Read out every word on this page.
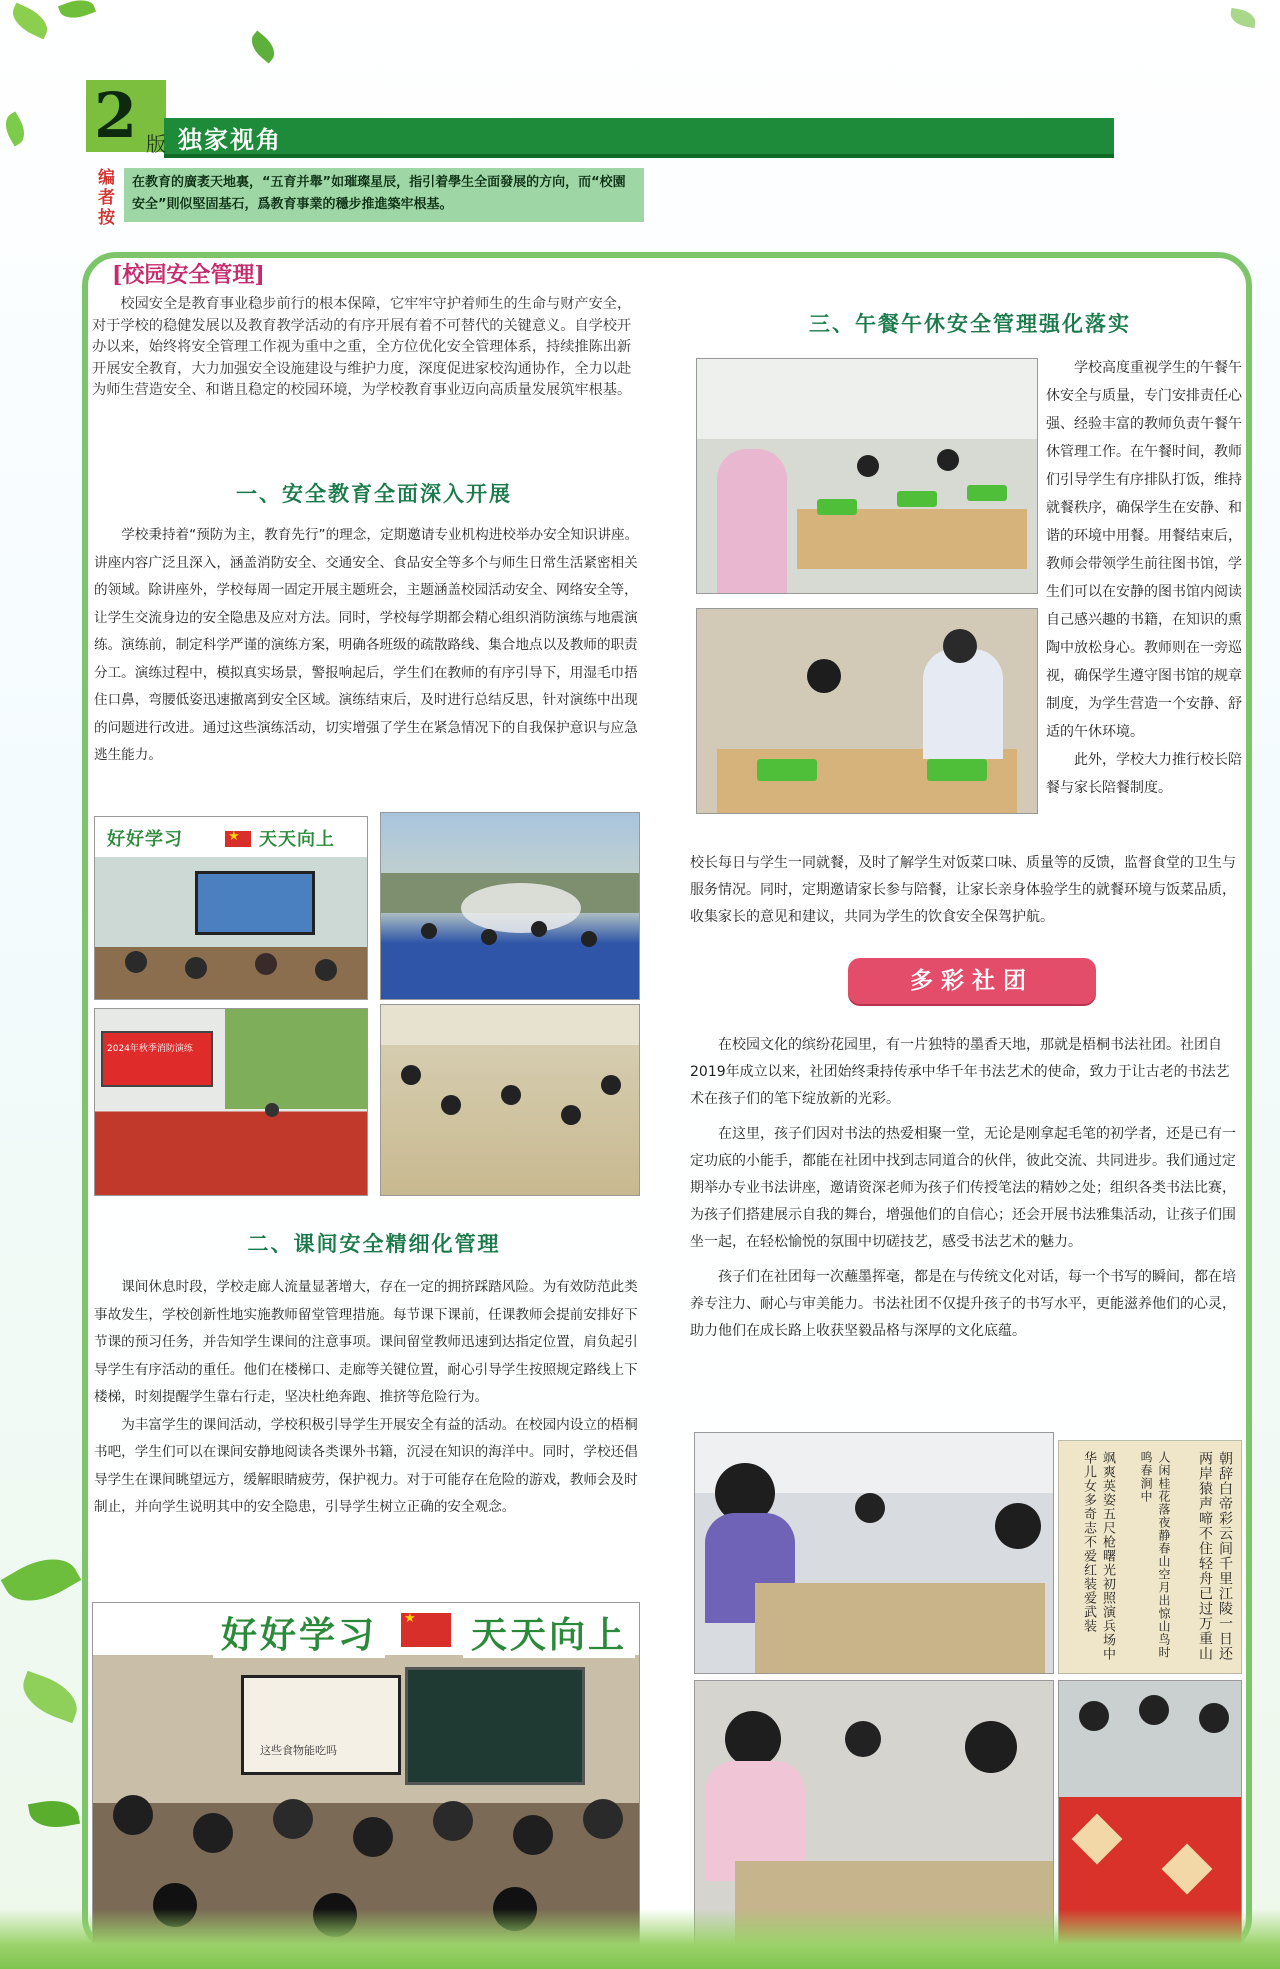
2 版 独家视角
编者按
在教育的廣袤天地裏，“五育并舉”如璀璨星辰，指引着學生全面發展的方向，而“校園安全”則似堅固基石，爲教育事業的穩步推進築牢根基。
[校园安全管理]
校园安全是教育事业稳步前行的根本保障，它牢牢守护着师生的生命与财产安全，对于学校的稳健发展以及教育教学活动的有序开展有着不可替代的关键意义。自学校开办以来，始终将安全管理工作视为重中之重，全方位优化安全管理体系，持续推陈出新开展安全教育，大力加强安全设施建设与维护力度，深度促进家校沟通协作，全力以赴为师生营造安全、和谐且稳定的校园环境，为学校教育事业迈向高质量发展筑牢根基。
一、安全教育全面深入开展

学校秉持着“预防为主，教育先行”的理念，定期邀请专业机构进校举办安全知识讲座。讲座内容广泛且深入，涵盖消防安全、交通安全、食品安全等多个与师生日常生活紧密相关的领域。除讲座外，学校每周一固定开展主题班会，主题涵盖校园活动安全、网络安全等，让学生交流身边的安全隐患及应对方法。同时，学校每学期都会精心组织消防演练与地震演练。演练前，制定科学严谨的演练方案，明确各班级的疏散路线、集合地点以及教师的职责分工。演练过程中，模拟真实场景，警报响起后，学生们在教师的有序引导下，用湿毛巾捂住口鼻，弯腰低姿迅速撤离到安全区域。演练结束后，及时进行总结反思，针对演练中出现的问题进行改进。通过这些演练活动，切实增强了学生在紧急情况下的自我保护意识与应急逃生能力。

好好学习 ★	天天向上
2024年秋季消防演练
二、课间安全精细化管理

课间休息时段，学校走廊人流量显著增大，存在一定的拥挤踩踏风险。为有效防范此类事故发生，学校创新性地实施教师留堂管理措施。每节课下课前，任课教师会提前安排好下节课的预习任务，并告知学生课间的注意事项。课间留堂教师迅速到达指定位置，肩负起引导学生有序活动的重任。他们在楼梯口、走廊等关键位置，耐心引导学生按照规定路线上下楼梯，时刻提醒学生靠右行走，坚决杜绝奔跑、推挤等危险行为。

为丰富学生的课间活动，学校积极引导学生开展安全有益的活动。在校园内设立的梧桐书吧，学生们可以在课间安静地阅读各类课外书籍，沉浸在知识的海洋中。同时，学校还倡导学生在课间眺望远方，缓解眼睛疲劳，保护视力。对于可能存在危险的游戏，教师会及时制止，并向学生说明其中的安全隐患，引导学生树立正确的安全观念。

好好学习 ★	天天向上
这些食物能吃吗
三、午餐午休安全管理强化落实

学校高度重视学生的午餐午休安全与质量，专门安排责任心强、经验丰富的教师负责午餐午休管理工作。在午餐时间，教师们引导学生有序排队打饭，维持就餐秩序，确保学生在安静、和谐的环境中用餐。用餐结束后，教师会带领学生前往图书馆，学生们可以在安静的图书馆内阅读自己感兴趣的书籍，在知识的熏陶中放松身心。教师则在一旁巡视，确保学生遵守图书馆的规章制度，为学生营造一个安静、舒适的午休环境。

此外，学校大力推行校长陪餐与家长陪餐制度。

校长每日与学生一同就餐，及时了解学生对饭菜口味、质量等的反馈，监督食堂的卫生与服务情况。同时，定期邀请家长参与陪餐，让家长亲身体验学生的就餐环境与饭菜品质，收集家长的意见和建议，共同为学生的饮食安全保驾护航。

多彩社团

在校园文化的缤纷花园里，有一片独特的墨香天地，那就是梧桐书法社团。社团自2019年成立以来，社团始终秉持传承中华千年书法艺术的使命，致力于让古老的书法艺术在孩子们的笔下绽放新的光彩。

在这里，孩子们因对书法的热爱相聚一堂，无论是刚拿起毛笔的初学者，还是已有一定功底的小能手，都能在社团中找到志同道合的伙伴，彼此交流、共同进步。我们通过定期举办专业书法讲座，邀请资深老师为孩子们传授笔法的精妙之处；组织各类书法比赛，为孩子们搭建展示自我的舞台，增强他们的自信心；还会开展书法雅集活动，让孩子们围坐一起，在轻松愉悦的氛围中切磋技艺，感受书法艺术的魅力。

孩子们在社团每一次蘸墨挥毫，都是在与传统文化对话，每一个书写的瞬间，都在培养专注力、耐心与审美能力。书法社团不仅提升孩子的书写水平，更能滋养他们的心灵，助力他们在成长路上收获坚毅品格与深厚的文化底蕴。

朝辞白帝彩云间千里江陵一日还两岸猿声啼不住轻舟已过万重山
人闲桂花落夜静春山空月出惊山鸟时鸣春涧中
飒爽英姿五尺枪曙光初照演兵场中华儿女多奇志不爱红装爱武装
